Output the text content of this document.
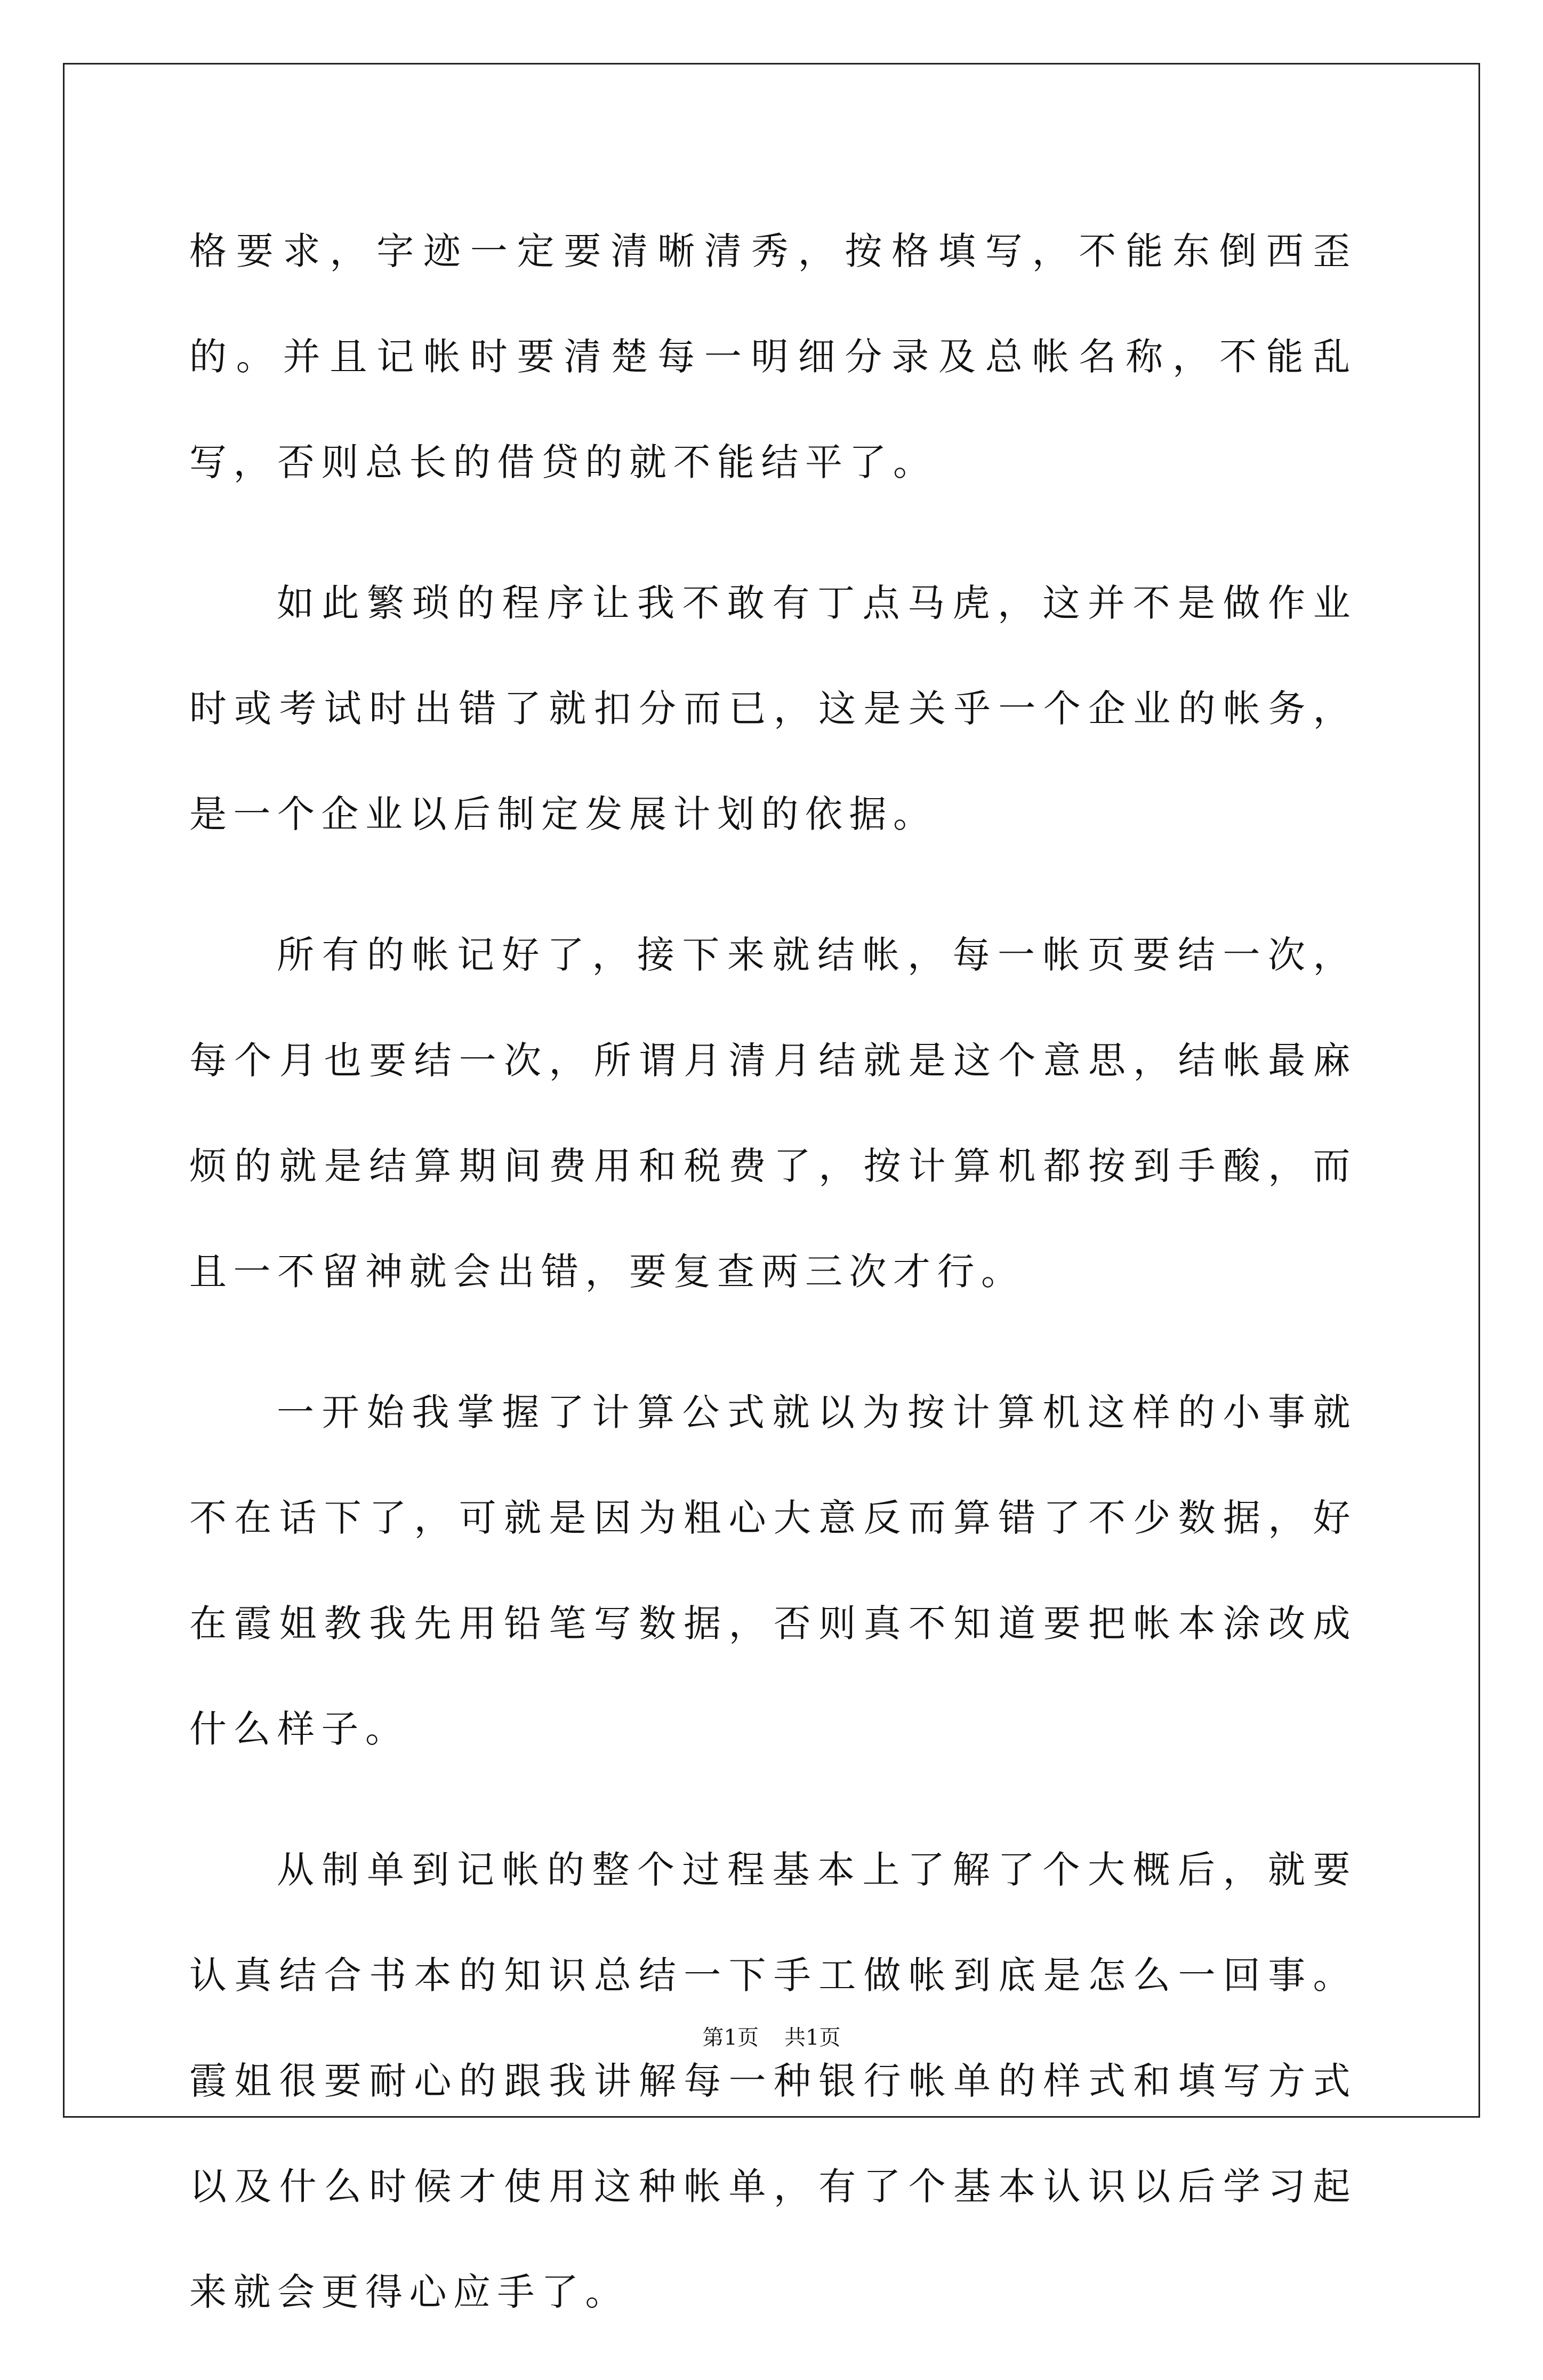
格要求，字迹一定要清晰清秀，按格填写，不能东倒西歪的。并且记帐时要清楚每一明细分录及总帐名称，不能乱写，否则总长的借贷的就不能结平了。

如此繁琐的程序让我不敢有丁点马虎，这并不是做作业时或考试时出错了就扣分而已，这是关乎一个企业的帐务，是一个企业以后制定发展计划的依据。

所有的帐记好了，接下来就结帐，每一帐页要结一次，每个月也要结一次，所谓月清月结就是这个意思，结帐最麻烦的就是结算期间费用和税费了，按计算机都按到手酸，而且一不留神就会出错，要复查两三次才行。

一开始我掌握了计算公式就以为按计算机这样的小事就不在话下了，可就是因为粗心大意反而算错了不少数据，好在霞姐教我先用铅笔写数据，否则真不知道要把帐本涂改成什么样子。

从制单到记帐的整个过程基本上了解了个大概后，就要认真结合书本的知识总结一下手工做帐到底是怎么一回事。霞姐很要耐心的跟我讲解每一种银行帐单的样式和填写方式以及什么时候才使用这种帐单，有了个基本认识以后学习起来就会更得心应手了。

第1页 共1页
